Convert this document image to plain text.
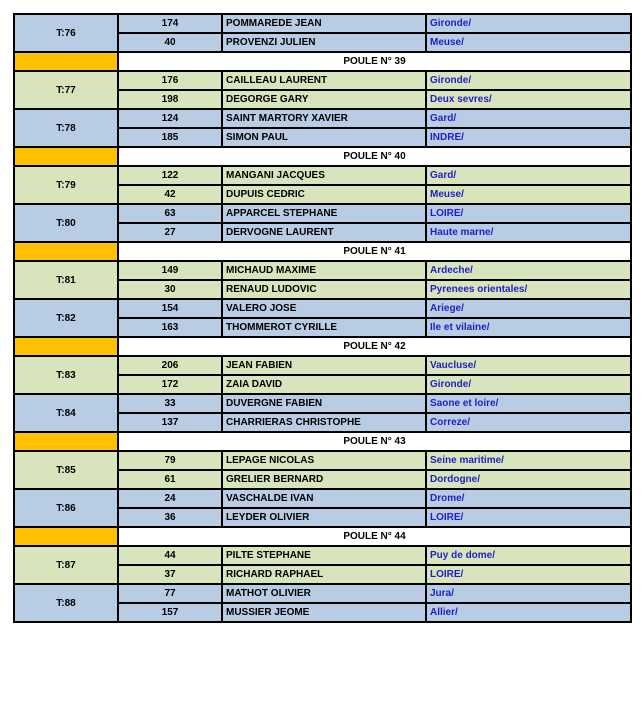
T:76	174	POMMAREDE JEAN	Gironde/
	40	PROVENZI JULIEN	Meuse/
	POULE N° 39		
T:77	176	CAILLEAU LAURENT	Gironde/
	198	DEGORGE GARY	Deux sevres/
T:78	124	SAINT MARTORY XAVIER	Gard/
	185	SIMON PAUL	INDRE/
	POULE N° 40		
T:79	122	MANGANI JACQUES	Gard/
	42	DUPUIS CEDRIC	Meuse/
T:80	63	APPARCEL STEPHANE	LOIRE/
	27	DERVOGNE LAURENT	Haute marne/
	POULE N° 41		
T:81	149	MICHAUD MAXIME	Ardeche/
	30	RENAUD LUDOVIC	Pyrenees orientales/
T:82	154	VALERO JOSE	Ariege/
	163	THOMMEROT CYRILLE	Ile et vilaine/
	POULE N° 42		
T:83	206	JEAN FABIEN	Vaucluse/
	172	ZAIA DAVID	Gironde/
T:84	33	DUVERGNE FABIEN	Saone et loire/
	137	CHARRIERAS CHRISTOPHE	Correze/
	POULE N° 43		
T:85	79	LEPAGE NICOLAS	Seine maritime/
	61	GRELIER BERNARD	Dordogne/
T:86	24	VASCHALDE IVAN	Drome/
	36	LEYDER OLIVIER	LOIRE/
	POULE N° 44		
T:87	44	PILTE STEPHANE	Puy de dome/
	37	RICHARD RAPHAEL	LOIRE/
T:88	77	MATHOT OLIVIER	Jura/
	157	MUSSIER JEOME	Allier/
